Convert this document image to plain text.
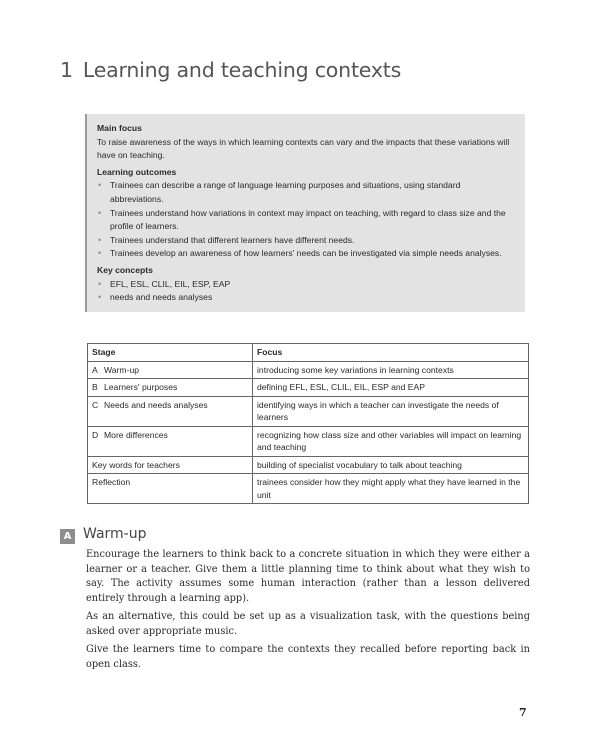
1 Learning and teaching contexts
Main focus

To raise awareness of the ways in which learning contexts can vary and the impacts that these variations will have on teaching.

Learning outcomes
• Trainees can describe a range of language learning purposes and situations, using standard abbreviations.
• Trainees understand how variations in context may impact on teaching, with regard to class size and the profile of learners.
• Trainees understand that different learners have different needs.
• Trainees develop an awareness of how learners' needs can be investigated via simple needs analyses.
Key concepts
• EFL, ESL, CLIL, EIL, ESP, EAP
• needs and needs analyses
Stage	Focus
A Warm-up	introducing some key variations in learning contexts
B Learners' purposes	defining EFL, ESL, CLIL, EIL, ESP and EAP
C Needs and needs analyses	identifying ways in which a teacher can investigate the needs of learners
D More differences	recognizing how class size and other variables will impact on learning and teaching
Key words for teachers	building of specialist vocabulary to talk about teaching
Reflection	trainees consider how they might apply what they have learned in the unit
A Warm-up

Encourage the learners to think back to a concrete situation in which they were either a learner or a teacher. Give them a little planning time to think about what they wish to say. The activity assumes some human interaction (rather than a lesson delivered entirely through a learning app).

As an alternative, this could be set up as a visualization task, with the questions being asked over appropriate music.

Give the learners time to compare the contexts they recalled before reporting back in open class.

7
